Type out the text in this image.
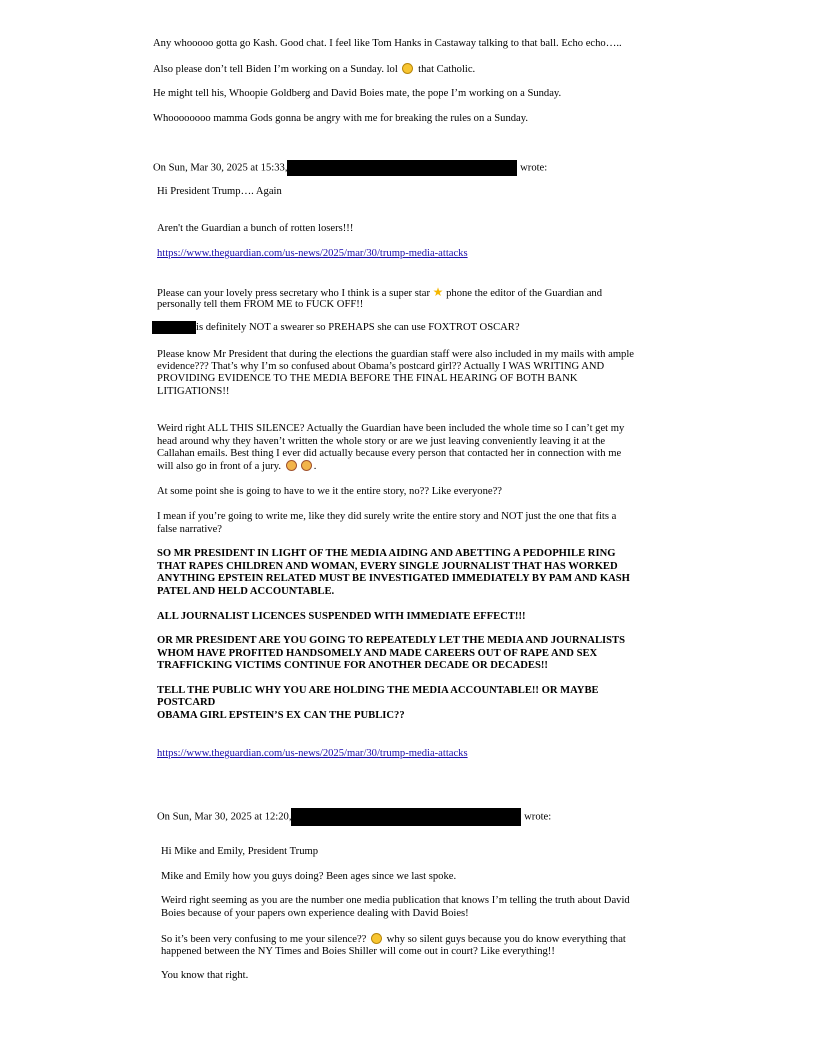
Any whooooo gotta go Kash. Good chat. I feel like Tom Hanks in Castaway talking to that ball. Echo echo…..
Also please don’t tell Biden I’m working on a Sunday. lol that Catholic.
He might tell his, Whoopie Goldberg and David Boies mate, the pope I’m working on a Sunday.
Whoooooooo mamma Gods gonna be angry with me for breaking the rules on a Sunday.
On Sun, Mar 30, 2025 at 15:33,	wrote:
Hi President Trump…. Again
Aren't the Guardian a bunch of rotten losers!!!
https://www.theguardian.com/us-news/2025/mar/30/trump-media-attacks
Please can your lovely press secretary who I think is a super star ★ phone the editor of the Guardian and
personally tell them FROM ME to FUCK OFF!!
is definitely NOT a swearer so PREHAPS she can use FOXTROT OSCAR?
Please know Mr President that during the elections the guardian staff were also included in my mails with ample
evidence??? That’s why I’m so confused about Obama’s postcard girl?? Actually I WAS WRITING AND
PROVIDING EVIDENCE TO THE MEDIA BEFORE THE FINAL HEARING OF BOTH BANK
LITIGATIONS!!
Weird right ALL THIS SILENCE? Actually the Guardian have been included the whole time so I can’t get my
head around why they haven’t written the whole story or are we just leaving conveniently leaving it at the
Callahan emails. Best thing I ever did actually because every person that contacted her in connection with me
will also go in front of a jury.	.
At some point she is going to have to we it the entire story, no?? Like everyone??
I mean if you’re going to write me, like they did surely write the entire story and NOT just the one that fits a
false narrative?
SO MR PRESIDENT IN LIGHT OF THE MEDIA AIDING AND ABETTING A PEDOPHILE RING
THAT RAPES CHILDREN AND WOMAN, EVERY SINGLE JOURNALIST THAT HAS WORKED
ANYTHING EPSTEIN RELATED MUST BE INVESTIGATED IMMEDIATELY BY PAM AND KASH
PATEL AND HELD ACCOUNTABLE.
ALL JOURNALIST LICENCES SUSPENDED WITH IMMEDIATE EFFECT!!!
OR MR PRESIDENT ARE YOU GOING TO REPEATEDLY LET THE MEDIA AND JOURNALISTS
WHOM HAVE PROFITED HANDSOMELY AND MADE CAREERS OUT OF RAPE AND SEX
TRAFFICKING VICTIMS CONTINUE FOR ANOTHER DECADE OR DECADES!!
TELL THE PUBLIC WHY YOU ARE HOLDING THE MEDIA ACCOUNTABLE!! OR MAYBE
POSTCARD
OBAMA GIRL EPSTEIN’S EX CAN THE PUBLIC??
https://www.theguardian.com/us-news/2025/mar/30/trump-media-attacks
On Sun, Mar 30, 2025 at 12:20,	wrote:
Hi Mike and Emily, President Trump
Mike and Emily how you guys doing? Been ages since we last spoke.
Weird right seeming as you are the number one media publication that knows I’m telling the truth about David
Boies because of your papers own experience dealing with David Boies!
So it’s been very confusing to me your silence?? why so silent guys because you do know everything that
happened between the NY Times and Boies Shiller will come out in court? Like everything!!
You know that right.
